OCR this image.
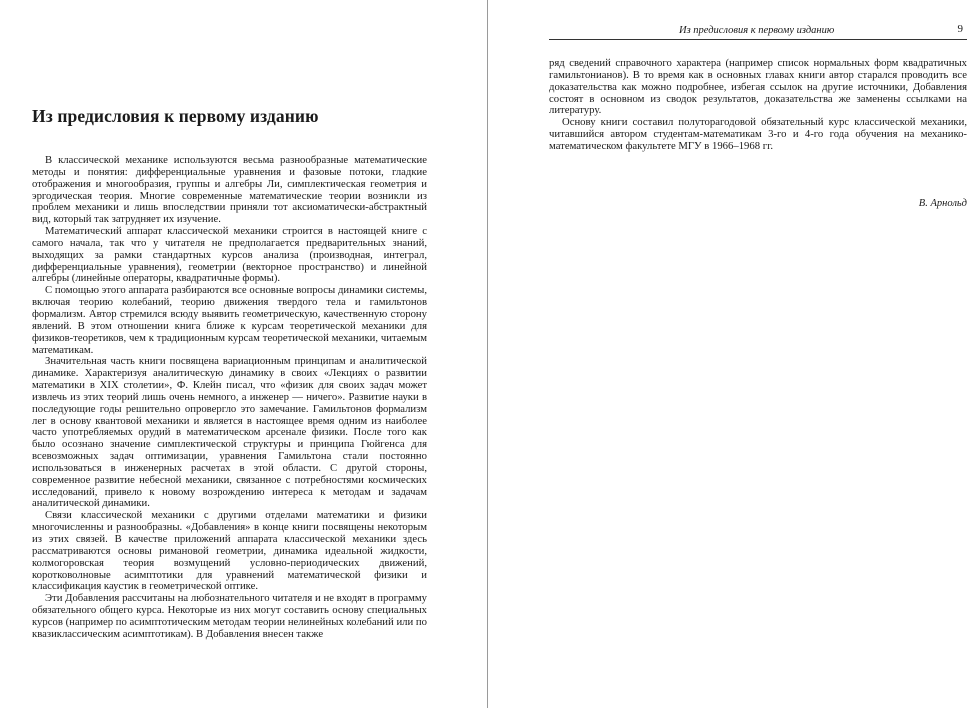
Из предисловия к первому изданию

В классической механике используются весьма разнообразные математические методы и понятия: дифференциальные уравнения и фазовые потоки, гладкие отображения и многообразия, группы и алгебры Ли, симплектическая геометрия и эргодическая теория. Многие современные математические теории возникли из проблем механики и лишь впоследствии приняли тот аксиоматически-абстрактный вид, который так затрудняет их изучение.

Математический аппарат классической механики строится в настоящей книге с самого начала, так что у читателя не предполагается предварительных знаний, выходящих за рамки стандартных курсов анализа (производная, интеграл, дифференциальные уравнения), геометрии (векторное пространство) и линейной алгебры (линейные операторы, квадратичные формы).

С помощью этого аппарата разбираются все основные вопросы динамики системы, включая теорию колебаний, теорию движения твердого тела и гамильтонов формализм. Автор стремился всюду выявить геометрическую, качественную сторону явлений. В этом отношении книга ближе к курсам теоретической механики для физиков-теоретиков, чем к традиционным курсам теоретической механики, читаемым математикам.

Значительная часть книги посвящена вариационным принципам и аналитической динамике. Характеризуя аналитическую динамику в своих «Лекциях о развитии математики в XIX столетии», Ф. Клейн писал, что «физик для своих задач может извлечь из этих теорий лишь очень немного, а инженер — ничего». Развитие науки в последующие годы решительно опровергло это замечание. Гамильтонов формализм лег в основу квантовой механики и является в настоящее время одним из наиболее часто употребляемых орудий в математическом арсенале физики. После того как было осознано значение симплектической структуры и принципа Гюйгенса для всевозможных задач оптимизации, уравнения Гамильтона стали постоянно использоваться в инженерных расчетах в этой области. С другой стороны, современное развитие небесной механики, связанное с потребностями космических исследований, привело к новому возрождению интереса к методам и задачам аналитической динамики.

Связи классической механики с другими отделами математики и физики многочисленны и разнообразны. «Добавления» в конце книги посвящены некоторым из этих связей. В качестве приложений аппарата классической механики здесь рассматриваются основы римановой геометрии, динамика идеальной жидкости, колмогоровская теория возмущений условно-периодических движений, коротковолновые асимптотики для уравнений математической физики и классификация каустик в геометрической оптике.

Эти Добавления рассчитаны на любознательного читателя и не входят в программу обязательного общего курса. Некоторые из них могут составить основу специальных курсов (например по асимптотическим методам теории нелинейных колебаний или по квазиклассическим асимптотикам). В Добавления внесен также

Из предисловия к первому изданию	9

ряд сведений справочного характера (например список нормальных форм квадратичных гамильтонианов). В то время как в основных главах книги автор старался проводить все доказательства как можно подробнее, избегая ссылок на другие источники, Добавления состоят в основном из сводок результатов, доказательства же заменены ссылками на литературу.

Основу книги составил полуторагодовой обязательный курс классической механики, читавшийся автором студентам-математикам 3-го и 4-го года обучения на механико-математическом факультете МГУ в 1966–1968 гг.

В. Арнольд
